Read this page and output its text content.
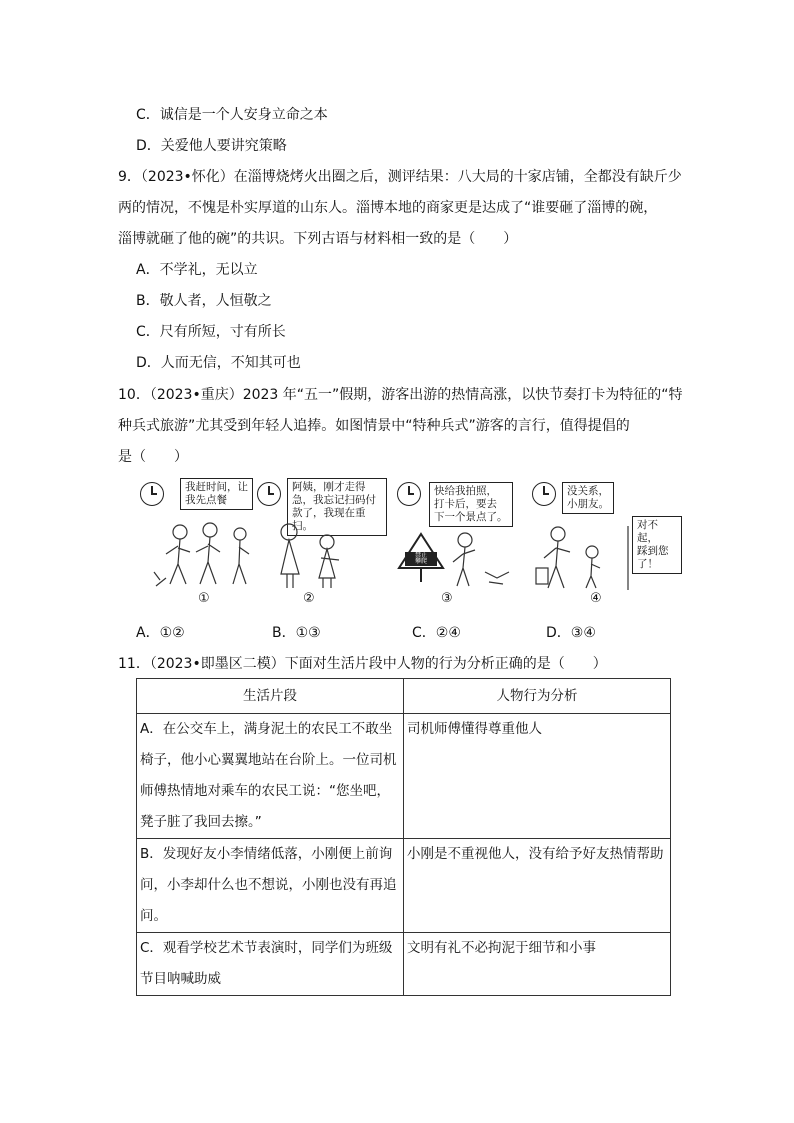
C．诚信是一个人安身立命之本
D．关爱他人要讲究策略
9．（2023•怀化）在淄博烧烤火出圈之后，测评结果：八大局的十家店铺，全都没有缺斤少
两的情况，不愧是朴实厚道的山东人。淄博本地的商家更是达成了“谁要砸了淄博的碗，
淄博就砸了他的碗”的共识。下列古语与材料相一致的是（　　）
A．不学礼，无以立
B．敬人者，人恒敬之
C．尺有所短，寸有所长
D．人而无信，不知其可也
10．（2023•重庆）2023 年“五一”假期，游客出游的热情高涨，以快节奏打卡为特征的“特
种兵式旅游”尤其受到年轻人追捧。如图情景中“特种兵式”游客的言行，值得提倡的
是（　　）
我赶时间，让
我先点餐
①
阿姨，刚才走得
急，我忘记扫码付
款了，我现在重扫。
②
快给我拍照，
打卡后，要去
下一个景点了。
禁止
攀爬
③
没关系，
小朋友。
对不起，
踩到您
了！
④
A．①②	B．①③	C．②④	D．③④
11．（2023•即墨区二模）下面对生活片段中人物的行为分析正确的是（　　）
生活片段	人物行为分析

A．在公交车上，满身泥土的农民工不敢坐
椅子，他小心翼翼地站在台阶上。一位司机
师傅热情地对乘车的农民工说：“您坐吧，
凳子脏了我回去擦。”	司机师傅懂得尊重他人

B．发现好友小李情绪低落，小刚便上前询
问，小李却什么也不想说，小刚也没有再追
问。	小刚是不重视他人，没有给予好友热情帮助

C．观看学校艺术节表演时，同学们为班级
节目呐喊助威	文明有礼不必拘泥于细节和小事
